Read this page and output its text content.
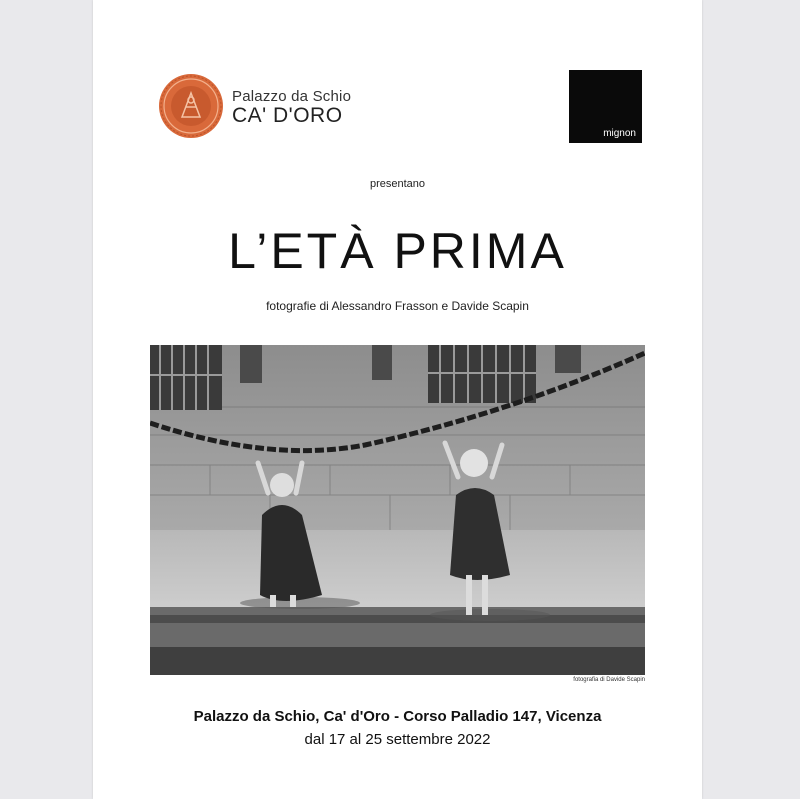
Palazzo da Schio
CA' D'ORO
mignon
presentano
L’ETÀ PRIMA
fotografie di Alessandro Frasson e Davide Scapin
fotografia di Davide Scapin
Palazzo da Schio, Ca' d'Oro - Corso Palladio 147, Vicenza
dal 17 al 25 settembre 2022
